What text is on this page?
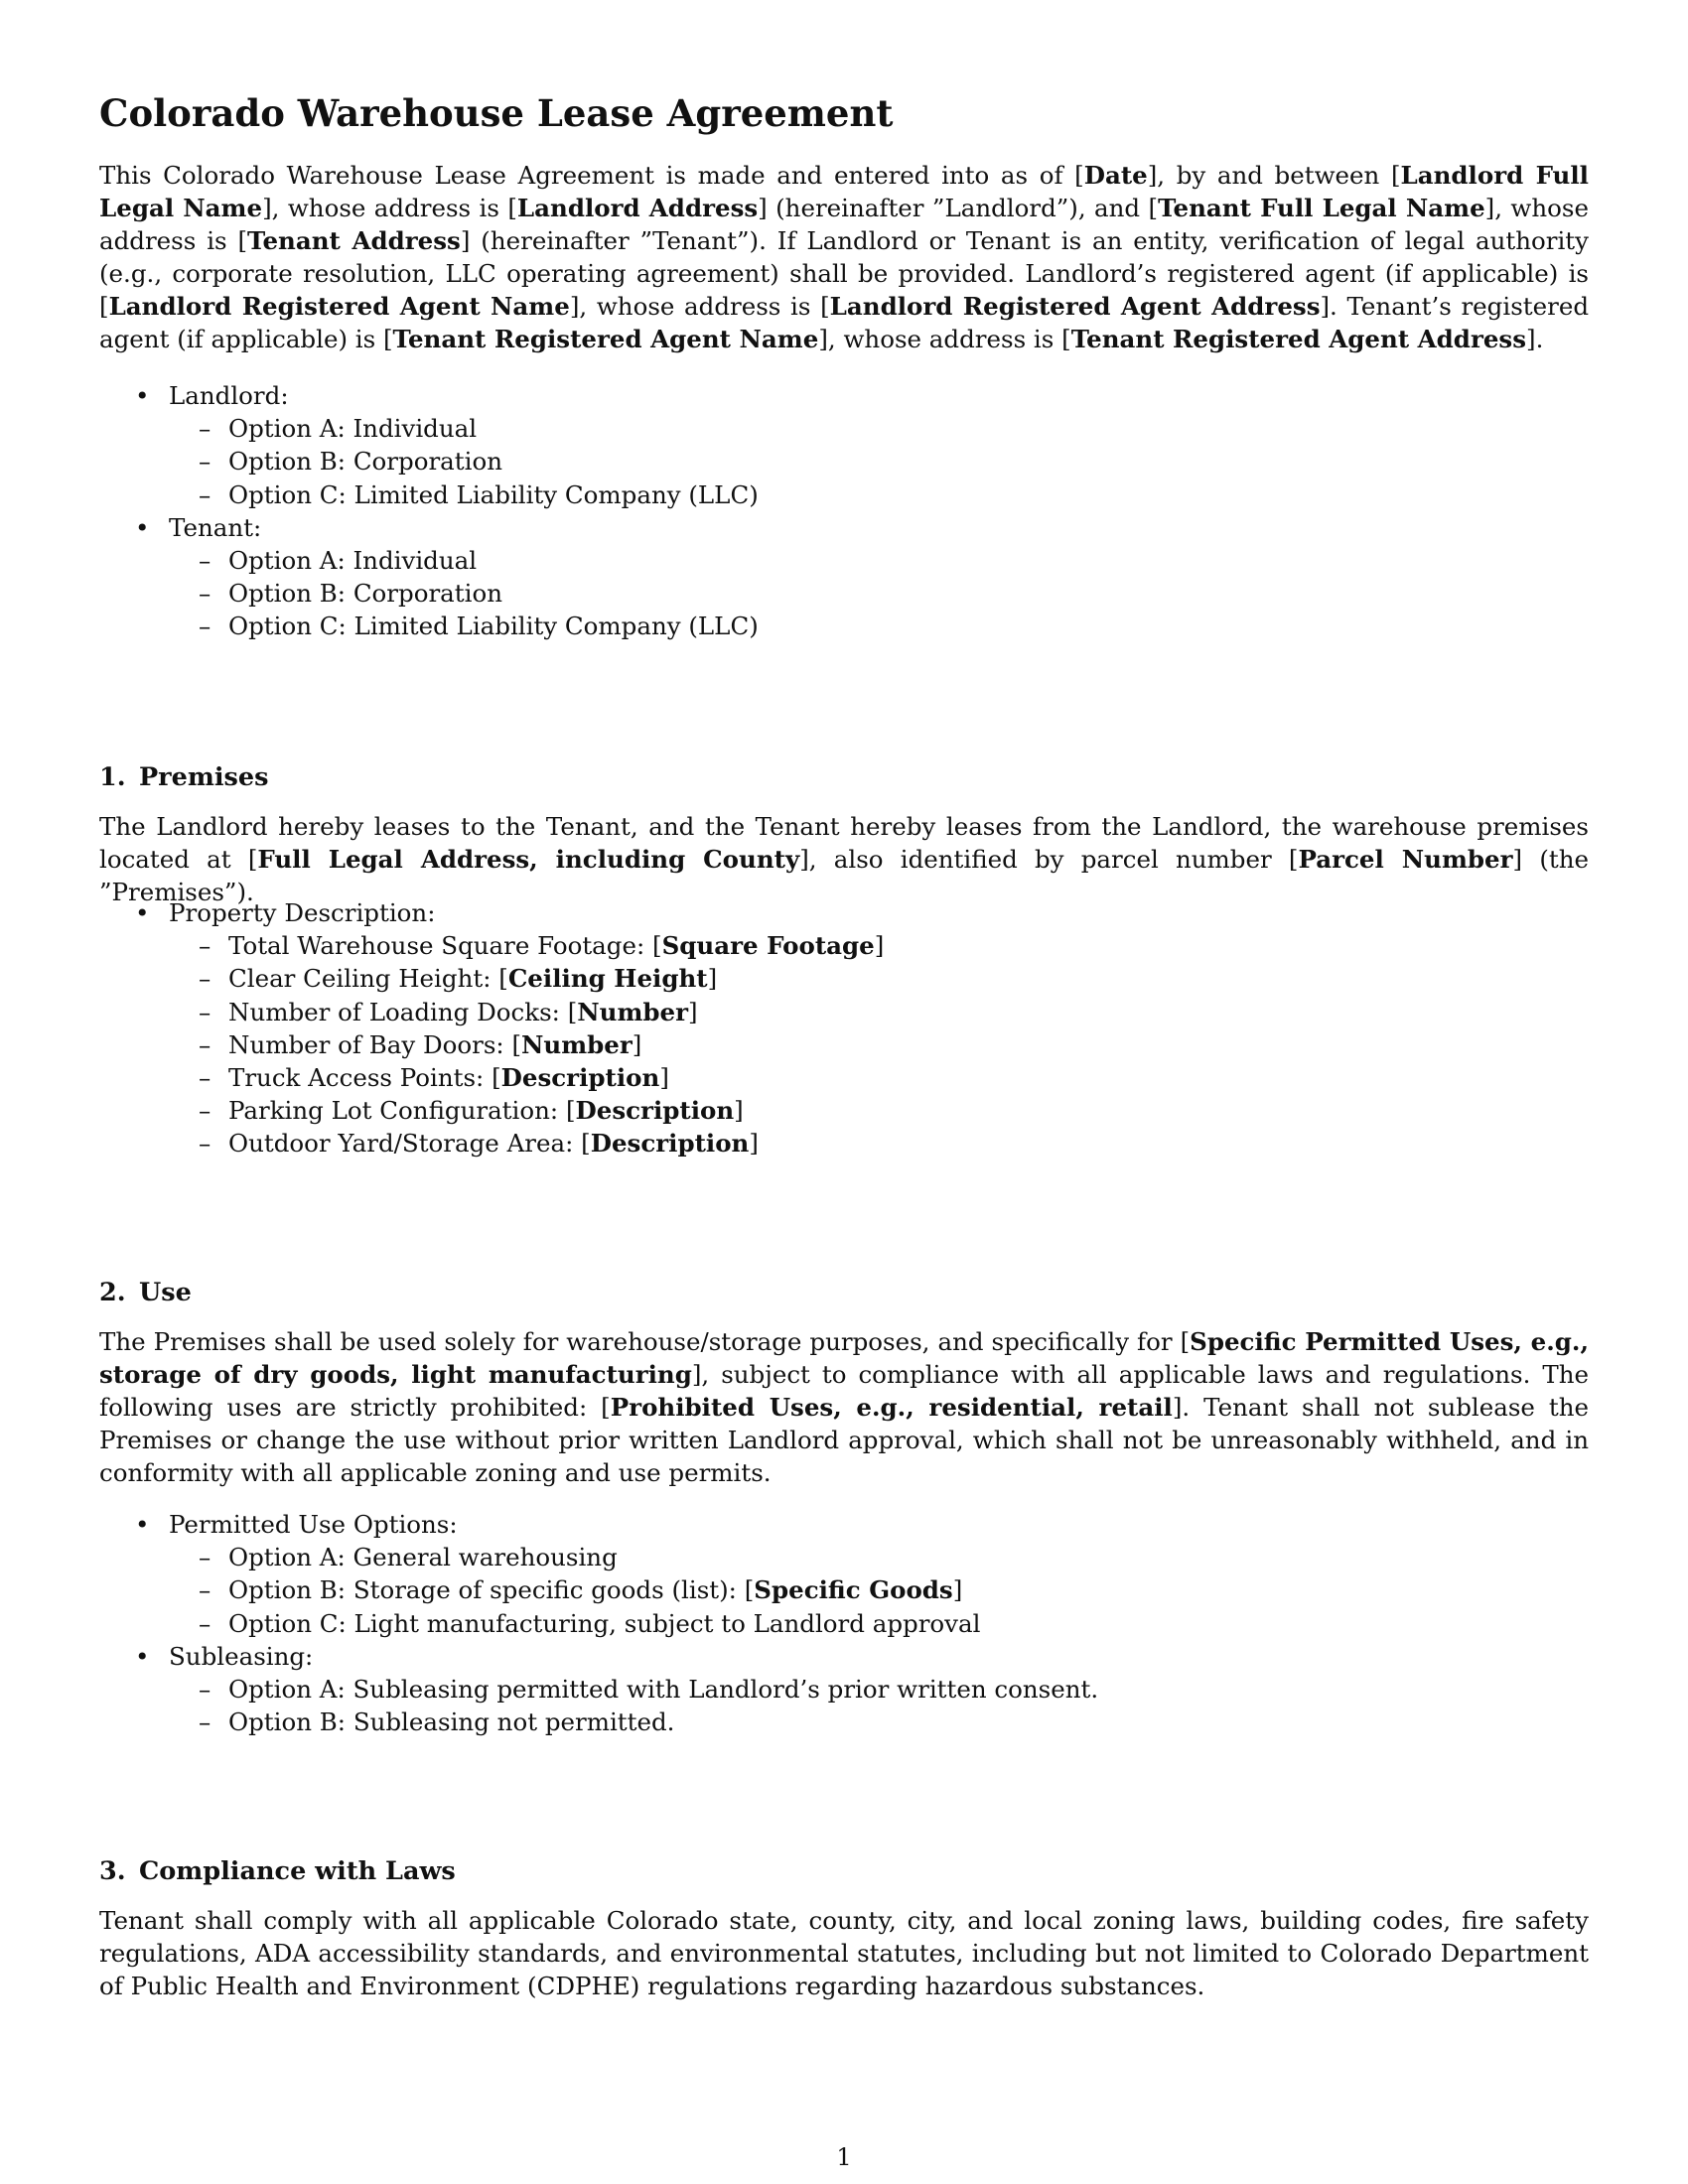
Colorado Warehouse Lease Agreement

This Colorado Warehouse Lease Agreement is made and entered into as of [Date], by and between [Landlord Full Legal Name], whose address is [Landlord Address] (hereinafter ”Landlord”), and [Tenant Full Legal Name], whose address is [Tenant Address] (hereinafter ”Tenant”). If Landlord or Tenant is an entity, verification of legal authority (e.g., corporate resolution, LLC operating agreement) shall be provided. Landlord’s registered agent (if applicable) is [Landlord Registered Agent Name], whose address is [Landlord Registered Agent Address]. Tenant’s registered agent (if applicable) is [Tenant Registered Agent Name], whose address is [Tenant Registered Agent Address].

• Landlord:
– Option A: Individual
– Option B: Corporation
– Option C: Limited Liability Company (LLC)
• Tenant:
– Option A: Individual
– Option B: Corporation
– Option C: Limited Liability Company (LLC)
1. Premises

The Landlord hereby leases to the Tenant, and the Tenant hereby leases from the Landlord, the warehouse premises located at [Full Legal Address, including County], also identified by parcel number [Parcel Number] (the ”Premises”).

• Property Description:
– Total Warehouse Square Footage: [Square Footage]
– Clear Ceiling Height: [Ceiling Height]
– Number of Loading Docks: [Number]
– Number of Bay Doors: [Number]
– Truck Access Points: [Description]
– Parking Lot Configuration: [Description]
– Outdoor Yard/Storage Area: [Description]
2. Use

The Premises shall be used solely for warehouse/storage purposes, and specifically for [Specific Permitted Uses, e.g., storage of dry goods, light manufacturing], subject to compliance with all applicable laws and regulations. The following uses are strictly prohibited: [Prohibited Uses, e.g., residential, retail]. Tenant shall not sublease the Premises or change the use without prior written Landlord approval, which shall not be unreasonably withheld, and in conformity with all applicable zoning and use permits.

• Permitted Use Options:
– Option A: General warehousing
– Option B: Storage of specific goods (list): [Specific Goods]
– Option C: Light manufacturing, subject to Landlord approval
• Subleasing:
– Option A: Subleasing permitted with Landlord’s prior written consent.
– Option B: Subleasing not permitted.
3. Compliance with Laws

Tenant shall comply with all applicable Colorado state, county, city, and local zoning laws, building codes, fire safety regulations, ADA accessibility standards, and environmental statutes, including but not limited to Colorado Department of Public Health and Environment (CDPHE) regulations regarding hazardous substances.

1
